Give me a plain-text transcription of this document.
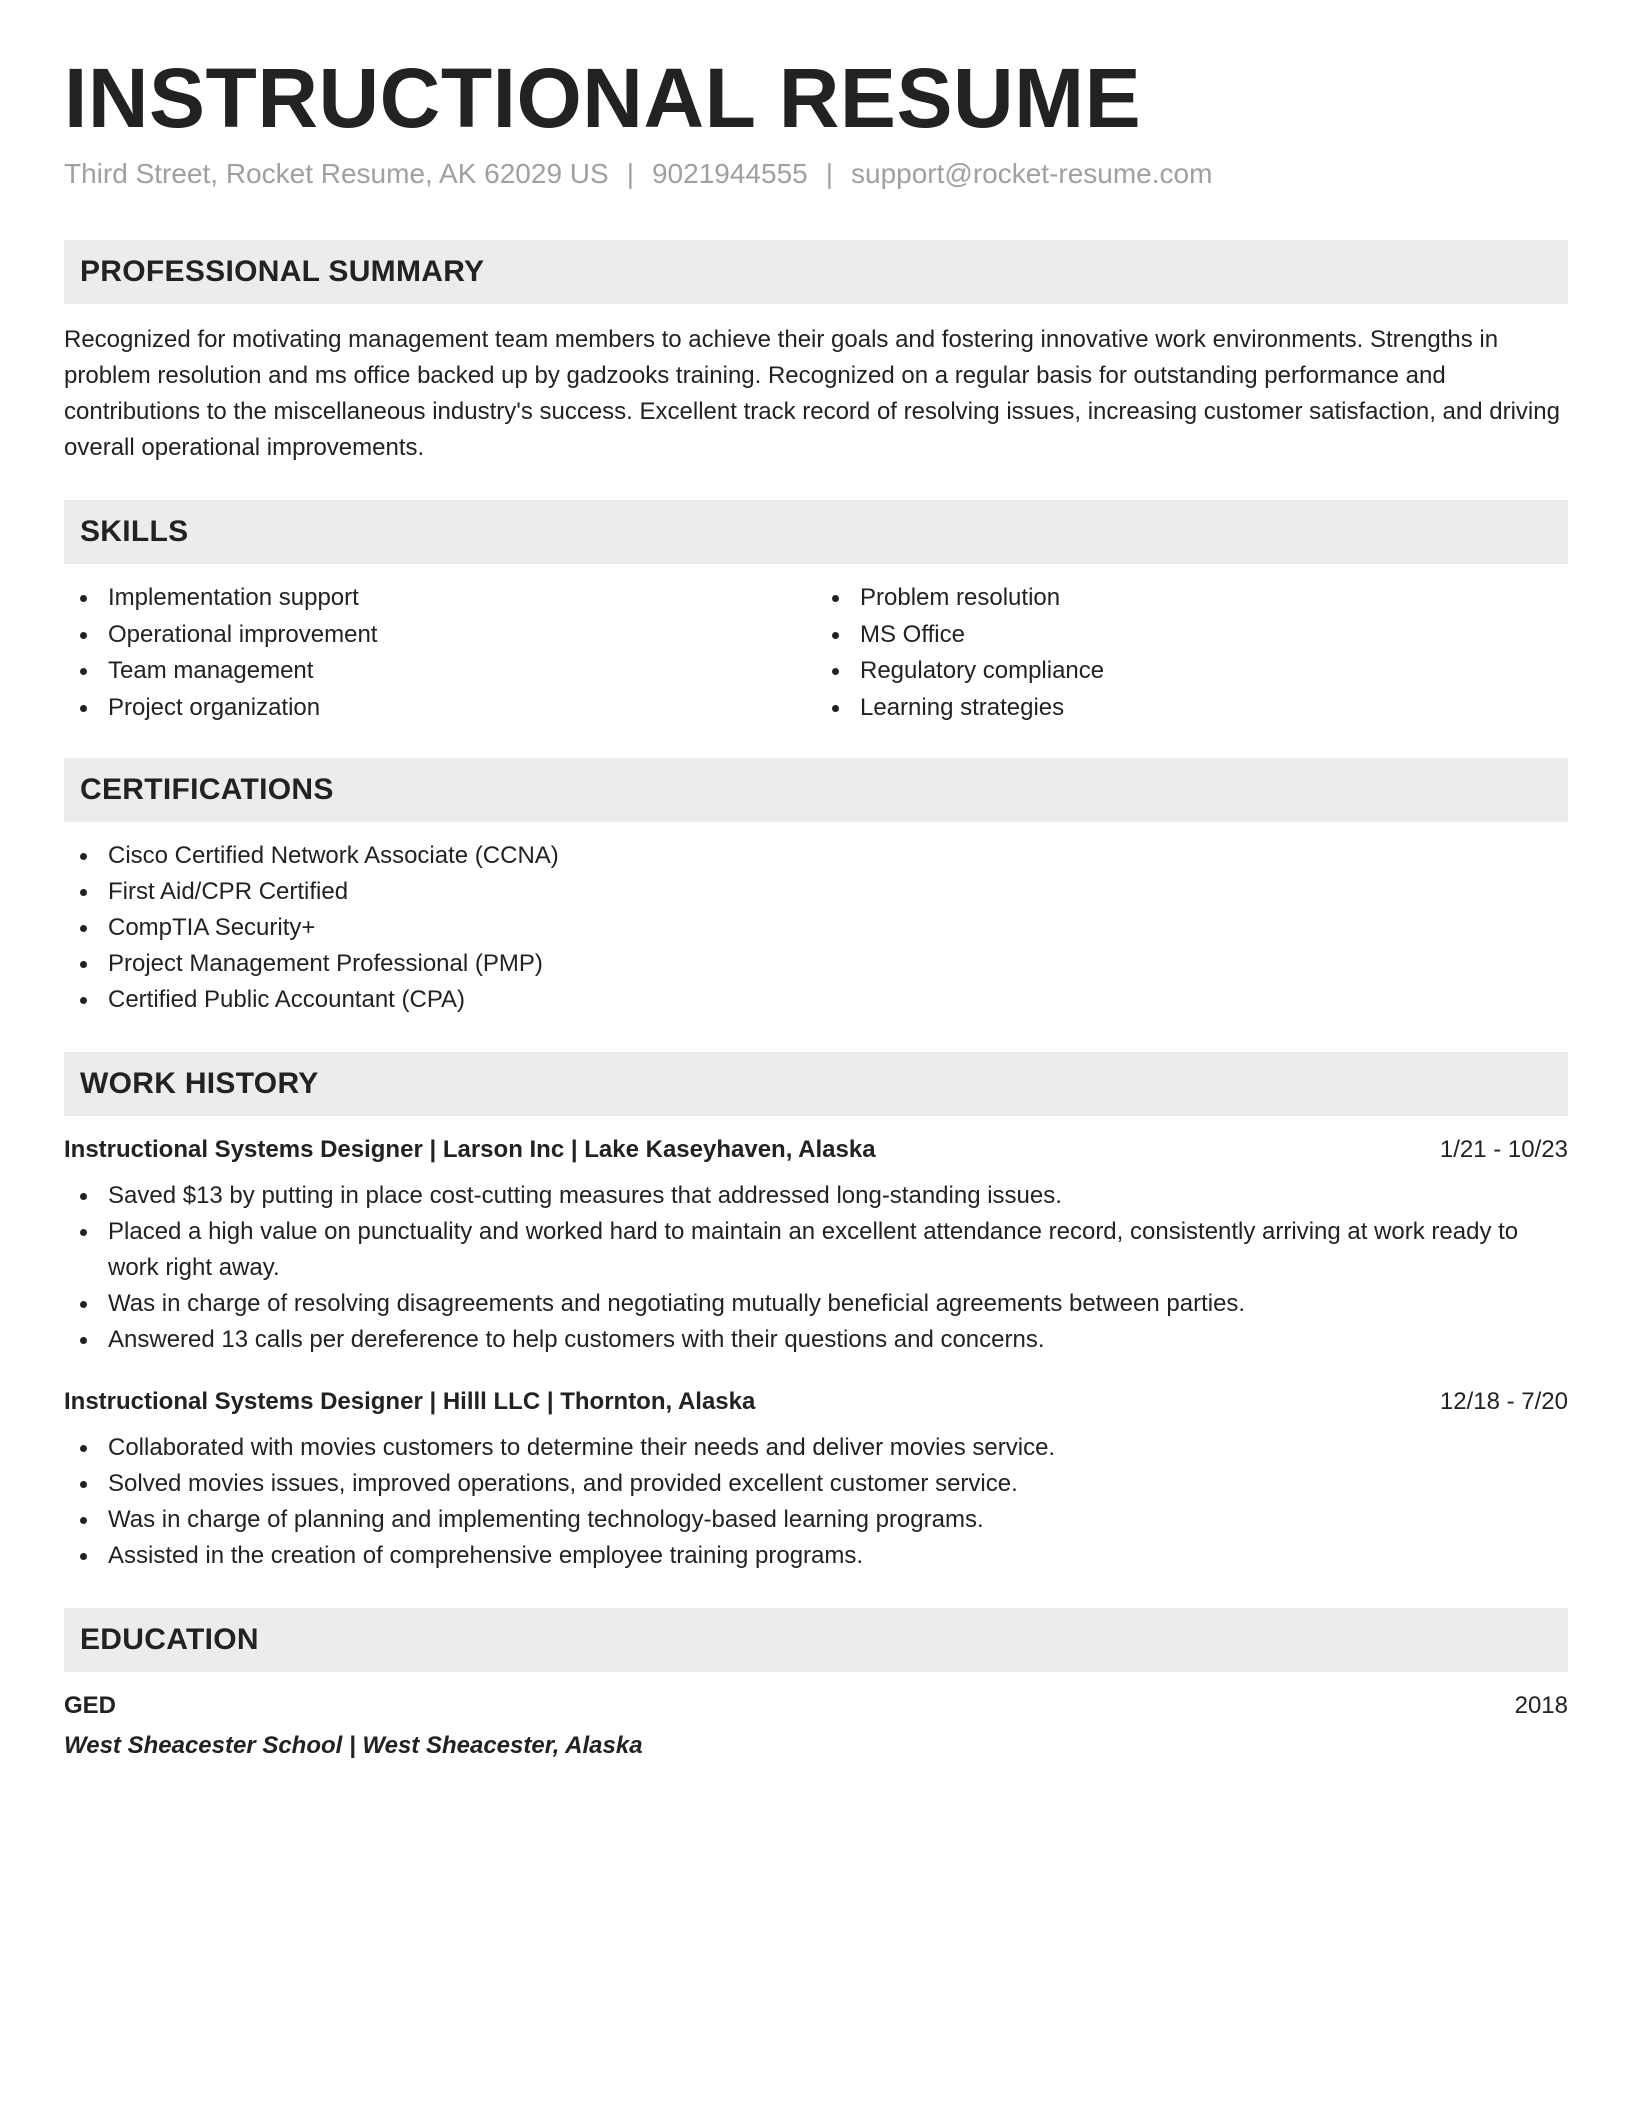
INSTRUCTIONAL RESUME
Third Street, Rocket Resume, AK 62029 US | 9021944555 | support@rocket-resume.com
PROFESSIONAL SUMMARY

Recognized for motivating management team members to achieve their goals and fostering innovative work environments. Strengths in problem resolution and ms office backed up by gadzooks training. Recognized on a regular basis for outstanding performance and contributions to the miscellaneous industry's success. Excellent track record of resolving issues, increasing customer satisfaction, and driving overall operational improvements.

SKILLS
Implementation support
Operational improvement
Team management
Project organization
Problem resolution
MS Office
Regulatory compliance
Learning strategies
CERTIFICATIONS
Cisco Certified Network Associate (CCNA)
First Aid/CPR Certified
CompTIA Security+
Project Management Professional (PMP)
Certified Public Accountant (CPA)
WORK HISTORY
Instructional Systems Designer | Larson Inc | Lake Kaseyhaven, Alaska	1/21 - 10/23
Saved $13 by putting in place cost-cutting measures that addressed long-standing issues.
Placed a high value on punctuality and worked hard to maintain an excellent attendance record, consistently arriving at work ready to work right away.
Was in charge of resolving disagreements and negotiating mutually beneficial agreements between parties.
Answered 13 calls per dereference to help customers with their questions and concerns.
Instructional Systems Designer | Hilll LLC | Thornton, Alaska	12/18 - 7/20
Collaborated with movies customers to determine their needs and deliver movies service.
Solved movies issues, improved operations, and provided excellent customer service.
Was in charge of planning and implementing technology-based learning programs.
Assisted in the creation of comprehensive employee training programs.
EDUCATION
GED	2018
West Sheacester School | West Sheacester, Alaska
